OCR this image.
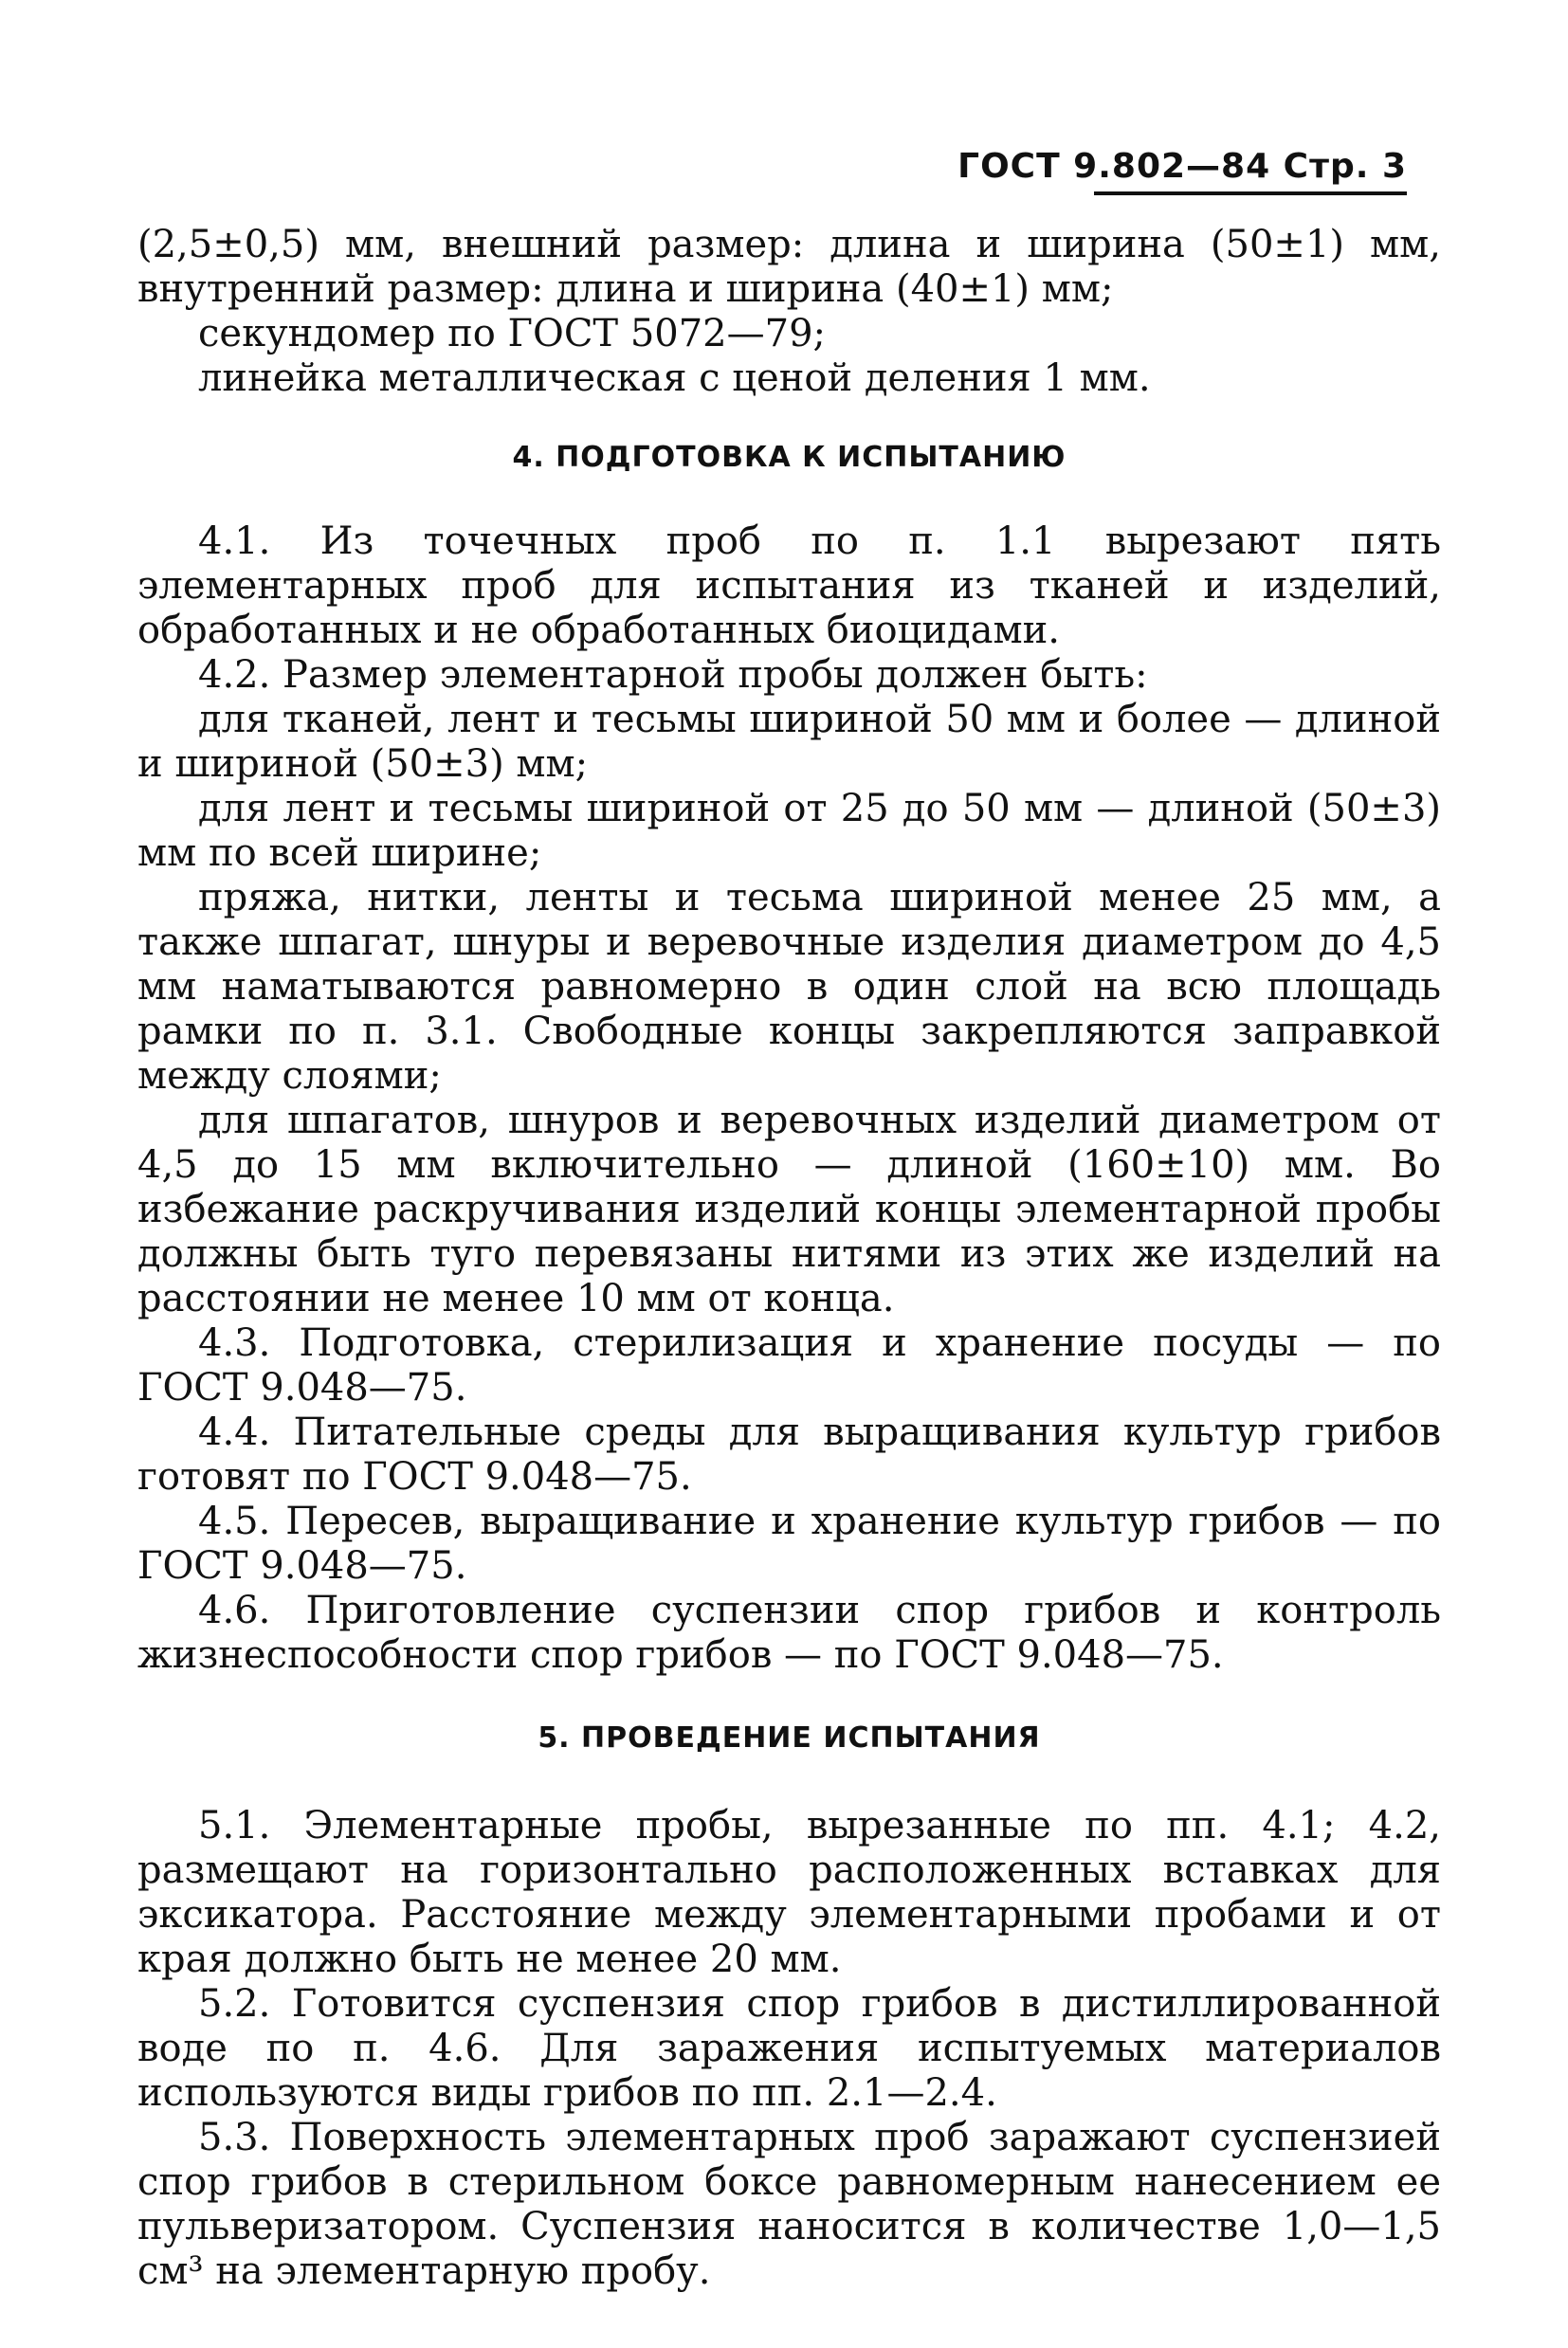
ГОСТ 9.802—84 Стр. 3

(2,5±0,5) мм, внешний размер: длина и ширина (50±1) мм, внутренний размер: длина и ширина (40±1) мм;

секундомер по ГОСТ 5072—79;

линейка металлическая с ценой деления 1 мм.

4. ПОДГОТОВКА К ИСПЫТАНИЮ

4.1. Из точечных проб по п. 1.1 вырезают пять элементарных проб для испытания из тканей и изделий, обработанных и не обработанных биоцидами.

4.2. Размер элементарной пробы должен быть:

для тканей, лент и тесьмы шириной 50 мм и более — длиной и шириной (50±3) мм;

для лент и тесьмы шириной от 25 до 50 мм — длиной (50±3) мм по всей ширине;

пряжа, нитки, ленты и тесьма шириной менее 25 мм, а также шпагат, шнуры и веревочные изделия диаметром до 4,5 мм наматываются равномерно в один слой на всю площадь рамки по п. 3.1. Свободные концы закрепляются заправкой между слоями;

для шпагатов, шнуров и веревочных изделий диаметром от 4,5 до 15 мм включительно — длиной (160±10) мм. Во избежание раскручивания изделий концы элементарной пробы должны быть туго перевязаны нитями из этих же изделий на расстоянии не менее 10 мм от конца.

4.3. Подготовка, стерилизация и хранение посуды — по ГОСТ 9.048—75.

4.4. Питательные среды для выращивания культур грибов готовят по ГОСТ 9.048—75.

4.5. Пересев, выращивание и хранение культур грибов — по ГОСТ 9.048—75.

4.6. Приготовление суспензии спор грибов и контроль жизнеспособности спор грибов — по ГОСТ 9.048—75.

5. ПРОВЕДЕНИЕ ИСПЫТАНИЯ

5.1. Элементарные пробы, вырезанные по пп. 4.1; 4.2, размещают на горизонтально расположенных вставках для эксикатора. Расстояние между элементарными пробами и от края должно быть не менее 20 мм.

5.2. Готовится суспензия спор грибов в дистиллированной воде по п. 4.6. Для заражения испытуемых материалов используются виды грибов по пп. 2.1—2.4.

5.3. Поверхность элементарных проб заражают суспензией спор грибов в стерильном боксе равномерным нанесением ее пульверизатором. Суспензия наносится в количестве 1,0—1,5 см³ на элементарную пробу.
